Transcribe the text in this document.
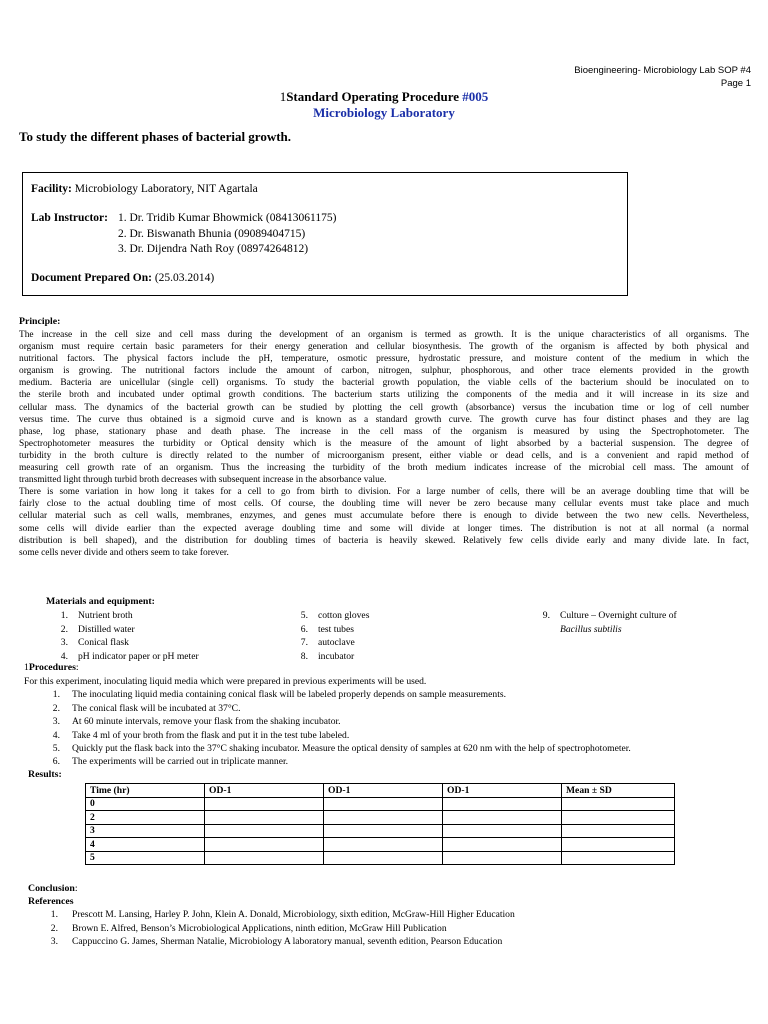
Bioengineering- Microbiology Lab SOP #4
Page 1
1Standard Operating Procedure #005
Microbiology Laboratory
To study the different phases of bacterial growth.
Facility: Microbiology Laboratory, NIT Agartala
Lab Instructor: 1. Dr. Tridib Kumar Bhowmick (08413061175)
2. Dr. Biswanath Bhunia (09089404715)
3. Dr. Dijendra Nath Roy (08974264812)
Document Prepared On: (25.03.2014)
Principle:
The increase in the cell size and cell mass during the development of an organism is termed as growth. It is the unique characteristics of all organisms. The
organism must require certain basic parameters for their energy generation and cellular biosynthesis. The growth of the organism is affected by both physical and
nutritional factors. The physical factors include the pH, temperature, osmotic pressure, hydrostatic pressure, and moisture content of the medium in which the
organism is growing. The nutritional factors include the amount of carbon, nitrogen, sulphur, phosphorous, and other trace elements provided in the growth
medium. Bacteria are unicellular (single cell) organisms. To study the bacterial growth population, the viable cells of the bacterium should be inoculated on to
the sterile broth and incubated under optimal growth conditions. The bacterium starts utilizing the components of the media and it will increase in its size and
cellular mass. The dynamics of the bacterial growth can be studied by plotting the cell growth (absorbance) versus the incubation time or log of cell number
versus time. The curve thus obtained is a sigmoid curve and is known as a standard growth curve. The growth curve has four distinct phases and they are lag
phase, log phase, stationary phase and death phase. The increase in the cell mass of the organism is measured by using the Spectrophotometer. The
Spectrophotometer measures the turbidity or Optical density which is the measure of the amount of light absorbed by a bacterial suspension. The degree of
turbidity in the broth culture is directly related to the number of microorganism present, either viable or dead cells, and is a convenient and rapid method of
measuring cell growth rate of an organism. Thus the increasing the turbidity of the broth medium indicates increase of the microbial cell mass. The amount of
transmitted light through turbid broth decreases with subsequent increase in the absorbance value.
There is some variation in how long it takes for a cell to go from birth to division. For a large number of cells, there will be an average doubling time that will be
fairly close to the actual doubling time of most cells. Of course, the doubling time will never be zero because many cellular events must take place and much
cellular material such as cell walls, membranes, enzymes, and genes must accumulate before there is enough to divide between the two new cells. Nevertheless,
some cells will divide earlier than the expected average doubling time and some will divide at longer times. The distribution is not at all normal (a normal
distribution is bell shaped), and the distribution for doubling times of bacteria is heavily skewed. Relatively few cells divide early and many divide late. In fact,
some cells never divide and others seem to take forever.
Materials and equipment:
1. Nutrient broth
2. Distilled water
3. Conical flask
4. pH indicator paper or pH meter
5. cotton gloves
6. test tubes
7. autoclave
8. incubator
9. Culture – Overnight culture of
Bacillus subtilis
1Procedures:
For this experiment, inoculating liquid media which were prepared in previous experiments will be used.
1. The inoculating liquid media containing conical flask will be labeled properly depends on sample measurements.
2. The conical flask will be incubated at 37°C.
3. At 60 minute intervals, remove your flask from the shaking incubator.
4. Take 4 ml of your broth from the flask and put it in the test tube labeled.
5. Quickly put the flask back into the 37°C shaking incubator. Measure the optical density of samples at 620 nm with the help of spectrophotometer.
6. The experiments will be carried out in triplicate manner.
Results:
Time (hr)	OD-1	OD-1	OD-1	Mean ± SD
0				
2				
3				
4				
5				
Conclusion:
References
1. Prescott M. Lansing, Harley P. John, Klein A. Donald, Microbiology, sixth edition, McGraw-Hill Higher Education
2. Brown E. Alfred, Benson’s Microbiological Applications, ninth edition, McGraw Hill Publication
3. Cappuccino G. James, Sherman Natalie, Microbiology A laboratory manual, seventh edition, Pearson Education
